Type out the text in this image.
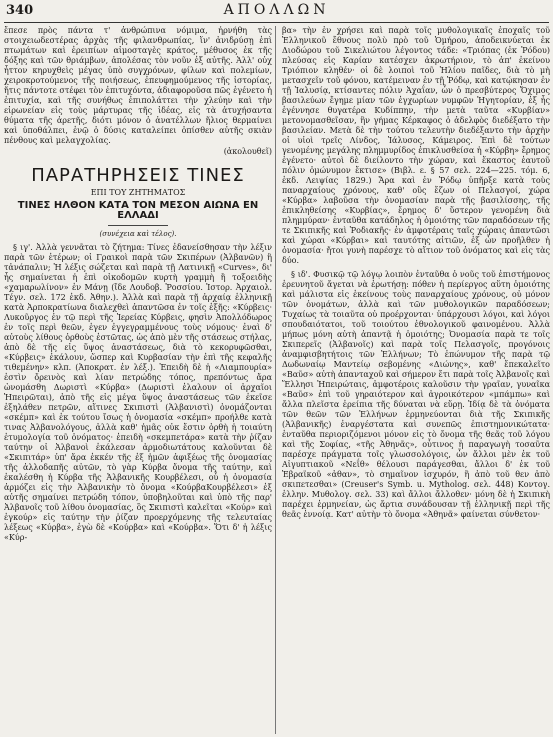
340	ΑΠΟΛΛΩΝ

ἔπεσε πρὸς πάντα τ' ἀνθρώπινα νόμιμα, ἠρνήθη τὰς στοιχειωδεστέρας ἀρχὰς τῆς φιλανθρωπίας, ἵν' ἀνιδρύσῃ ἐπὶ πτωμάτων καὶ ἐρειπίων αἱμοσταγὲς κράτος, μέθυσος ἐκ τῆς δόξης καὶ τῶν θριάμβων, ἀπολέσας τὸν νοῦν ἐξ αὐτῆς. Ἀλλ' οὐχ ἧττον κηρυχθεὶς μέγας ὑπὸ συγχρόνων, φίλων καὶ πολεμίων, χειροκροτούμενος τῆς ποιήσεως, ἐπευφημούμενος τῆς ἱστορίας, ἤτις πάντοτε στέφει τὸν ἐπιτυχόντα, ἀδιαφοροῦσα πῶς ἐγένετο ἡ ἐπιτυχία, καὶ τῆς συνήθως ἐπιπολάττει τὴν χλεύην καὶ τὴν εἰρωνείαν εἰς τοὺς μάρτυρας τῆς ἰδέας, εἰς τὰ ἀτυχήσαντα θύματα τῆς ἀρετῆς, διότι μόνον ὁ ἀνατέλλων ἥλιος θερμαίνει καὶ ὑποθάλπει, ἐνῷ ὁ δύσις καταλείπει ὀπίσθεν αὐτῆς σκιὰν πένθους καὶ μελαγχολίας.

(ἀκολουθεῖ)
ΠΑΡΑΤΗΡΗΣΕΙΣ ΤΙΝΕΣ
ΕΠΙ ΤΟΥ ΖΗΤΗΜΑΤΟΣ
ΤΙΝΕΣ ΗΛΘΟΝ ΚΑΤΑ ΤΟΝ ΜΕΣΟΝ ΑΙΩΝΑ ΕΝ ΕΛΛΑΔΙ
(συνέχεια καὶ τέλος).

§ ιγ'. Ἀλλὰ γεννᾶται τὸ ζήτημα: Τίνες ἐδανείσθησαν τὴν λέξιν παρὰ τῶν ἑτέρων; οἱ Γραικοὶ παρὰ τῶν Σκιπέρων (Ἀλβανῶν) ἢ τἀνάπαλιν; Ἡ λέξις σώζεται καὶ παρὰ τῇ Λατινικῇ «Curves», δι' ἧς σημαίνεται ἡ ἐπὶ οἰκοδομῶν κυρτὴ γραμμὴ ἢ τοξοειδὴς «χαμαρωλίνον» ἐν Μάνῃ (ἴδε Λουδοβ. Ῥοσσίου. Ἱστορ. Ἀρχαιολ. Τέγν. σελ. 172 ἐκδ. Ἀθην.). Ἀλλὰ καὶ παρὰ τῇ ἀρχαίᾳ ἑλληνικῇ κατὰ Ἀρποκρατίωνα διαλεχθεὶ ἀπαντῶσα ἐν τοῖς ἑξῆς: «Κύρβεις· Λυκοῦργος ἐν τῷ περὶ τῆς Ἱερείας Κύρβεις, φησὶν Ἀπολλόδωρος ἐν τοῖς περὶ θεῶν, ἐγεν ἐγγεγραμμένους τοὺς νόμους· ἐναὶ δ' αὐτοὺς λίθους ὀρθοὺς ἑστῶτας, ὡς ἀπὸ μὲν τῆς στάσεως στήλας, ἀπὸ δὲ τῆς εἰς ὕψος ἀναστάσεως, διὰ τὸ κεκορυφῶσθαι, «Κύρβεις» ἐκάλουν, ὥσπερ καὶ Κυρβασίαν τὴν ἐπὶ τῆς κεφαλῆς τιθεμένην» κλπ. (Ἀποκρατ. ἐν λέξ.). Ἐπειδὴ δὲ ἡ «Λιαμπουρία» ἐστὶν ὄρεινὸς καὶ λίαν πετρώδης τόπος, πρεπόντως ἄρα ὠνομάσθη Δωριστὶ «Κύρβα» (Δωριστὶ ἐλαλουν οἱ ἀρχαῖοι Ἠπειρῶται), ἀπὸ τῆς εἰς μέγα ὕψος ἀναστάσεως τῶν ἐκεῖσε ἐξηλάθεν πετρῶν, αἵτινες Σκιπιστὶ (Ἀλβανιστὶ) ὀνομάζονται «σκέμπ» καὶ ἐκ τούτου ἴσως ἡ ὀνομασία «σκέμπ» προήλθε κατὰ τινας Ἀλβανολόγους, ἀλλὰ καθ' ἡμᾶς οὐκ ἔστιν ὀρθὴ ἡ τοιαύτη ἐτυμολογία τοῦ ὀνόματος· ἐπειδὴ «σκεμπετάρα» κατὰ τὴν ῥίζαν ταύτην οἱ Ἀλβανοὶ ἐκάλεσαν ἀρμοδιωτάτους καλοῦνται δὲ «Σκιπιτάρ» ὑπ' ἄρα ἐκκέν τῆς ἐξ ἡμῶν ἀφιξέως τῆς ὀνομασίας τῆς ἀλλοδαπῆς αὐτῶν, τὸ γὰρ Κύρβα ὄνομα τῆς ταύτην, καὶ ἐκαλέσθη ἡ Κύρβα τῆς Ἀλβανικῆς Κουρβέλεσι, οὗ ἡ ὀνομασία ἀρμόζει εἰς τὴν Ἀλβανικὴν τὸ ὄνομα «ΚούρβαΚουρβέλεσι» ἐξ αὐτῆς σημαίνει πετρώδη τόπον, ὑποβηλοῦται καὶ ὑπὸ τῆς παρ' Ἀλβανοῖς τοῦ λίθου ὀνομασίας, ὃς Σκιπιστὶ καλεῖται «Κούρ» καὶ ἐγκούρ» εἰς ταύτην τὴν ῥίζαν προερχόμενης τῆς τελευταίας λέξεως «Κύρβα», ἐγὼ δὲ «Κούρβα» καὶ «Κούρβα». Ὅτι δ' ἡ λέξις «Κύρ-

βα» τὴν ἐν χρήσει καὶ παρὰ τοῖς μυθολογικαῖς ἐποχαῖς τοῦ Ἑλληνικοῦ ἔθνους πολὺ πρὸ τοῦ Ὁμήρου, ἀποδεικνύεται ἐκ Διοδώρου τοῦ Σικελιώτου λέγοντος τάδε: «Τριόπας (ἐκ Ῥόδου) πλεύσας εἰς Καρίαν κατέσχεν ἀκρωτήριον, τὸ ἀπ' ἐκείνου Τριόπιον κληθέν· οἱ δὲ λοιποὶ τοῦ Ἡλίου παῖδες, διὰ τὸ μὴ μετασχεῖν τοῦ φόνου, κατέμειναν ἐν τῇ Ῥόδῳ, καὶ κατῴκησαν ἐν τῇ Ἰαλυσίᾳ, κτίσαντες πόλιν Ἀχαΐαν, ὧν ὁ πρεσβύτερος Ὄχιμος βασιλεύων ἔγημε μίαν τῶν ἐγχωρίων νυμφῶν Ἡγητορίαν, ἐξ ἧς ἐγέννησε θυγατέρα Κυδίππην, τὴν μετὰ ταῦτα «Κυρβίαν» μετονομασθεῖσαν, ἣν γήμας Κέρκαφος ὁ ἀδελφὸς διεδέξατο τὴν βασιλείαν. Μετὰ δὲ τὴν τούτου τελευτὴν διεδέξαντο τὴν ἀρχὴν οἱ υἱοὶ τρεῖς Λίνδος, Ἰάλυσος, Κάμειρος. Ἐπὶ δὲ τούτων γενομένης μεγάλης πλημμυρίδος ἐπικλυσθείσα ἡ «Κύρβη» ἔρημος ἐγένετο· αὐτοὶ δὲ διείλοντο τὴν χώραν, καὶ ἕκαστος ἑαυτοῦ πόλιν ὁμώνυμον ἔκτισε» (Βιβλ. ε. § 57 σελ. 224—225. τόμ. 6, ἐκδ. Λειψίας 1829.) Ἄρα καὶ ἐν Ῥόδῳ ὑπῆρξε κατὰ τοὺς παναρχαίους χρόνους, καθ' οὓς ἔζων οἱ Πελασγοί, χώρα «Κύρβα» λαβοῦσα τὴν ὀνομασίαν παρὰ τῆς βασιλίσσης, τῆς ἐπικληθείσης «Κυρβίας», ἔρημος δ' ὕστερον γενομένη διὰ πλημμύραν· ἐνταῦθα κατάδηλος ἡ ὁμοιότης τῶν παραδόσεων τῆς τε Σκιπικῆς καὶ Ῥοδιακῆς· ἐν ἀμφοτέραις ταῖς χώραις ἀπαντῶσι καὶ χώραι «Κύρβαι» καὶ ταυτότης αἰτιῶν, ἐξ ὧν προῆλθεν ἡ ὀνομασία· ἤτοι γυνὴ παρέσχε τὸ αἴτιον τοῦ ὀνόματος καὶ εἰς τὰς δύο.

§ ιδ'. Φυσικῷ τῷ λόγῳ λοιπὸν ἐνταῦθα ὁ νοῦς τοῦ ἐπιστήμονος ἐρευνητοῦ ἄγεται νὰ ἐρωτήσῃ: πόθεν ἡ περίεργος αὕτη ὁμοιότης καὶ μάλιστα εἰς ἐκείνους τοὺς παναρχαίους χρόνους, οὐ μόνον τῶν ὀνομάτων, ἀλλὰ καὶ τῶν μυθολογικῶν παραδόσεων; Τυχαίως τὰ τοιαῦτα οὐ προέρχονται· ὑπάρχουσι λόγοι, καὶ λόγοι σπουδαιότατοι, τοῦ τοιούτου ἐθνολογικοῦ φαινομένου. Ἀλλὰ μήπως μόνη αὐτὴ ἀπαντᾷ ἡ ὁμοιότης; Ὀνομασία παρὰ τε τοῖς Σκιπερεῖς (Ἀλβανοῖς) καὶ παρὰ τοῖς Πελασγοῖς, προγόνοις ἀναμφισβητήτοις τῶν Ἑλλήνων; Τὸ ἐπώνυμον τῆς παρὰ τῷ Δωδωναίῳ Μαντείῳ σεβομένης «Διώνης», καθ' ἔπεκαλεῖτο «Βαῦσ» αὐτὴ ἁπανταχοῦ καὶ σήμερον ἔτι παρὰ τοῖς Ἀλβανοῖς καὶ Ἕλλησι Ἠπειρώταις, ἀμφοτέροις καλοῦσιν τὴν γραῖαν, γυναῖκα «Βαῦσ» ἐπὶ τοῦ γηραιότερον καὶ ἀγροικότερον «μπάμπω» καὶ ἄλλα πλεῖστα ἐρείπια τῆς δύναται νὰ εὕρῃ. Ἰδίᾳ δὲ τὰ ὀνόματα τῶν θεῶν τῶν Ἑλλήνων ἑρμηνεύονται διὰ τῆς Σκιπικῆς (Ἀλβανικῆς) ἐναργέστατα καὶ συνεπῶς ἐπιστημονικώτατα· ἐνταῦθα περιοριζόμενοι μόνον εἰς τὸ ὄνομα τῆς θεᾶς τοῦ λόγου καὶ τῆς Σοφίας, «τῆς Ἀθηνᾶς», οὗτινος ἡ παραγωγὴ τοσαῦτα παρέσχε πράγματα τοῖς γλωσσολόγοις, ὧν ἄλλοι μὲν ἐκ τοῦ Αἰγυπτιακοῦ «Νεΐθ» θέλουσι παράγεσθαι, ἄλλοι δ' ἐκ τοῦ Ἑβραϊκοῦ «ἀθαν», τὸ σημαῖνον ἰσχυρόν, ἢ ἀπὸ τοῦ θεν ἀπὸ σκιπετεσθαι» (Creuser's Symb. u. Mytholog. σελ. 448) Κοντογ. ἐλλην. Μυθολογ. σελ. 33) καὶ ἄλλοι ἄλλοθεν· μόνη δὲ ἡ Σκιπικὴ παρέχει ἑρμηνείαν, ὡς ἄρτια συνάδουσαν τῇ ἑλληνικῇ περὶ τῆς θεᾶς ἐννοίᾳ. Κατ' αὐτὴν τὸ ὄνομα «Ἀθηνᾶ» φαίνεται σύνθετον·
